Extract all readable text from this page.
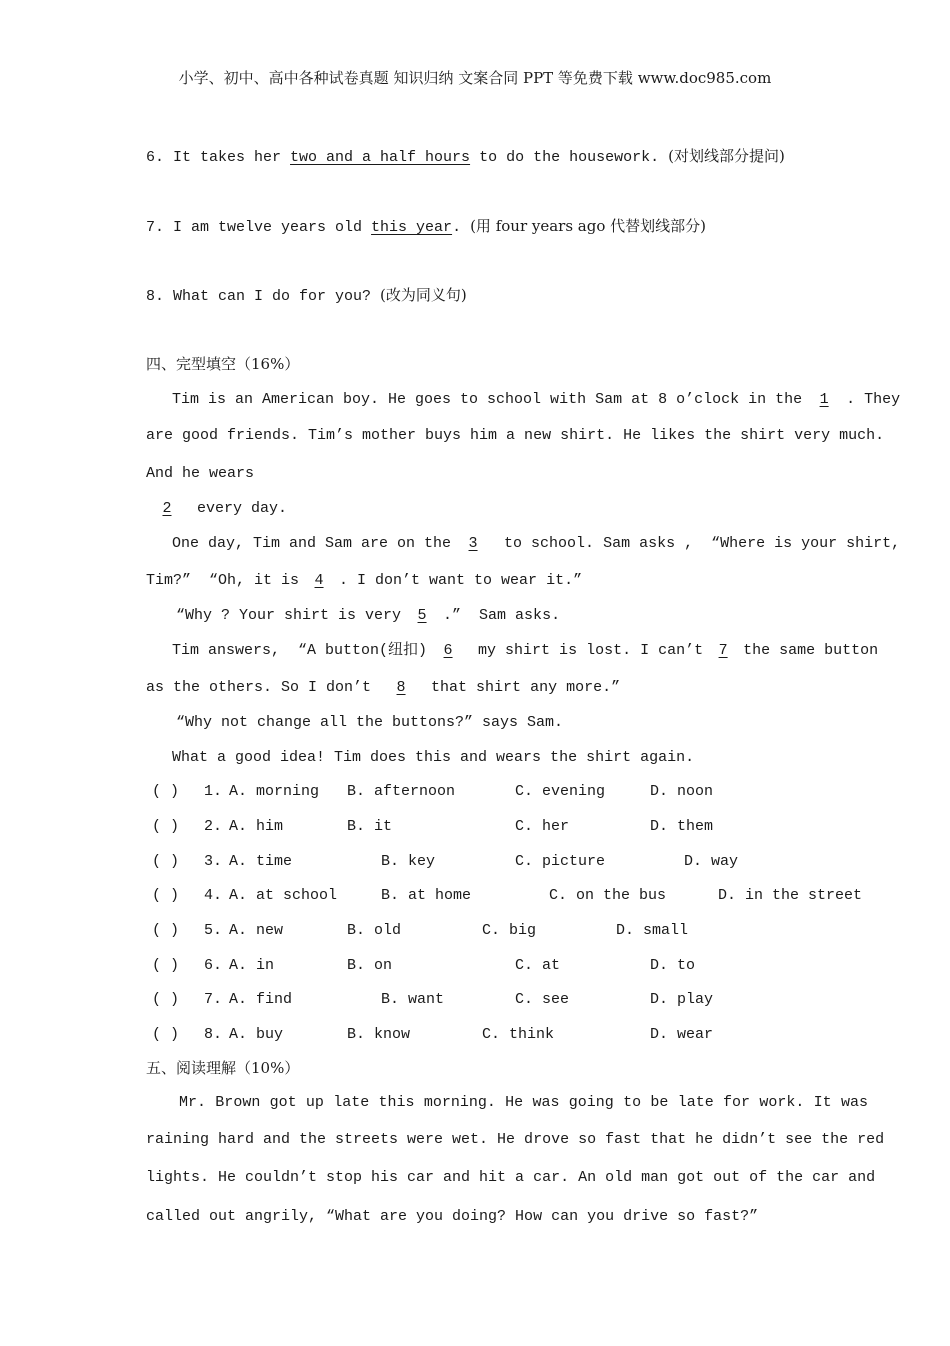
小学、初中、高中各种试卷真题 知识归纳 文案合同 PPT 等免费下载 www.doc985.com
6. It takes her two and a half hours to do the housework. (对划线部分提问)
7. I am twelve years old this year. (用 four years ago 代替划线部分)
8. What can I do for you? (改为同义句)
四、完型填空（16%）
Tim is an American boy. He goes to school with Sam at 8 o’clock in the 1 . They
are good friends. Tim’s mother buys him a new shirt. He likes the shirt very much.
And he wears
2 every day.
One day, Tim and Sam are on the 3 to school. Sam asks ,  “Where is your shirt,
Tim?”  “Oh, it is 4 . I don’t want to wear it.”
“Why ? Your shirt is very 5 .”  Sam asks.
Tim answers,  “A button(纽扣) 6 my shirt is lost. I can’t 7 the same button
as the others. So I don’t 8 that shirt any more.”
“Why not change all the buttons?” says Sam.
What a good idea! Tim does this and wears the shirt again.
( ) 1. A. morning B. afternoon	C. evening	D. noon
( ) 2. A. him	B. it	C. her	D. them
( ) 3. A. time	B. key	C. picture	D. way
( ) 4. A. at school	B. at home	C. on the bus	D. in the street
( ) 5. A. new	B. old	C. big	D. small
( ) 6. A. in	B. on	C. at	D. to
( ) 7. A. find	B. want	C. see	D. play
( ) 8. A. buy	B. know	C. think	D. wear
五、阅读理解（10%）
Mr. Brown got up late this morning. He was going to be late for work. It was
raining hard and the streets were wet. He drove so fast that he didn’t see the red
lights. He couldn’t stop his car and hit a car. An old man got out of the car and
called out angrily, “What are you doing? How can you drive so fast?”
